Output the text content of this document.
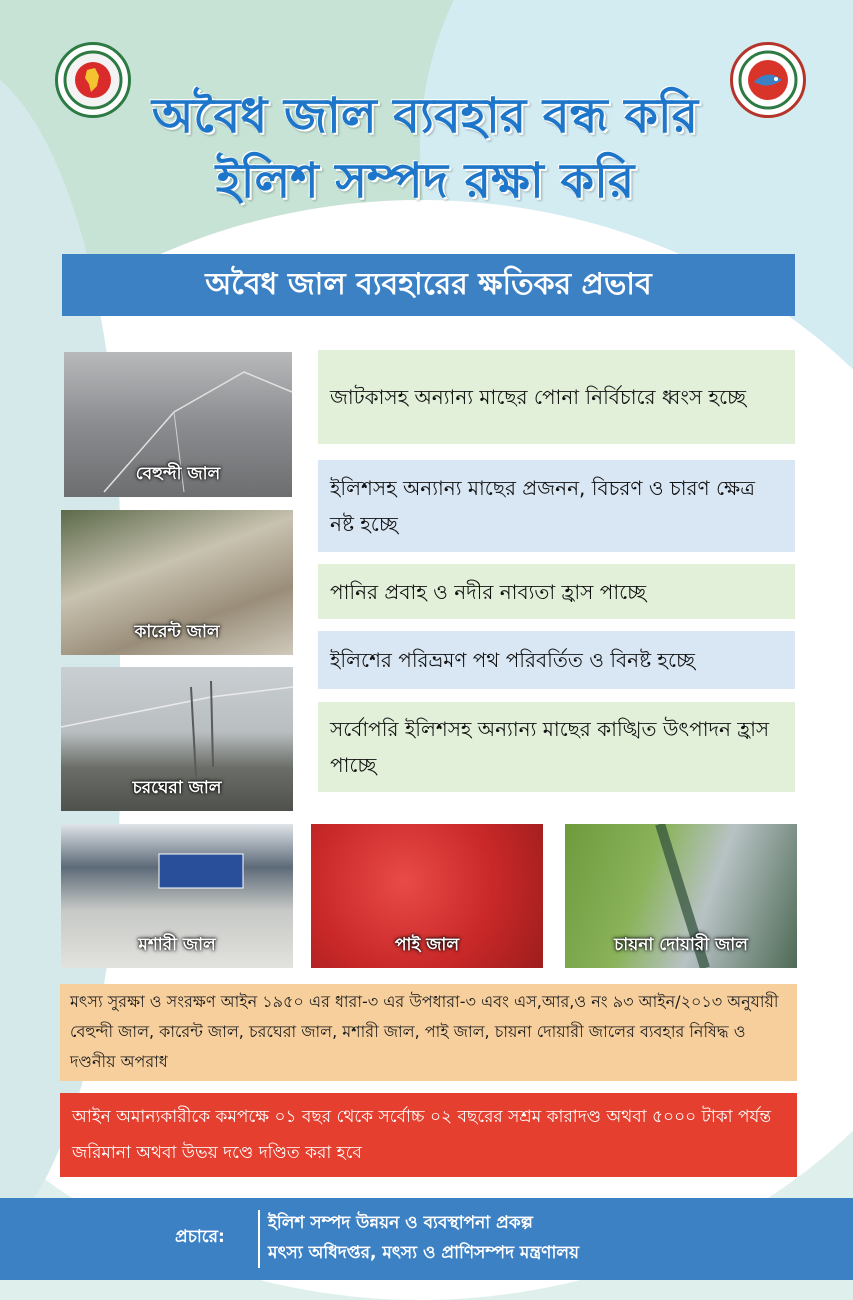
অবৈধ জাল ব্যবহার বন্ধ করি
ইলিশ সম্পদ রক্ষা করি
অবৈধ জাল ব্যবহারের ক্ষতিকর প্রভাব
বেহুন্দী জাল
কারেন্ট জাল
চরঘেরা জাল
মশারী জাল	পাই জাল	চায়না দোয়ারী জাল
জাটকাসহ অন্যান্য মাছের পোনা নির্বিচারে ধ্বংস হচ্ছে
ইলিশসহ অন্যান্য মাছের প্রজনন, বিচরণ ও চারণ ক্ষেত্র নষ্ট হচ্ছে
পানির প্রবাহ ও নদীর নাব্যতা হ্রাস পাচ্ছে
ইলিশের পরিভ্রমণ পথ পরিবর্তিত ও বিনষ্ট হচ্ছে
সর্বোপরি ইলিশসহ অন্যান্য মাছের কাঙ্খিত উৎপাদন হ্রাস পাচ্ছে
মৎস্য সুরক্ষা ও সংরক্ষণ আইন ১৯৫০ এর ধারা-৩ এর উপধারা-৩ এবং এস,আর,ও নং ৯৩ আইন/২০১৩ অনুযায়ী বেহুন্দী জাল, কারেন্ট জাল, চরঘেরা জাল, মশারী জাল, পাই জাল, চায়না দোয়ারী জালের ব্যবহার নিষিদ্ধ ও দণ্ডনীয় অপরাধ
আইন অমান্যকারীকে কমপক্ষে ০১ বছর থেকে সর্বোচ্চ ০২ বছরের সশ্রম কারাদণ্ড অথবা ৫০০০ টাকা পর্যন্ত জরিমানা অথবা উভয় দণ্ডে দণ্ডিত করা হবে
প্রচারে:
ইলিশ সম্পদ উন্নয়ন ও ব্যবস্থাপনা প্রকল্প
মৎস্য অধিদপ্তর, মৎস্য ও প্রাণিসম্পদ মন্ত্রণালয়
